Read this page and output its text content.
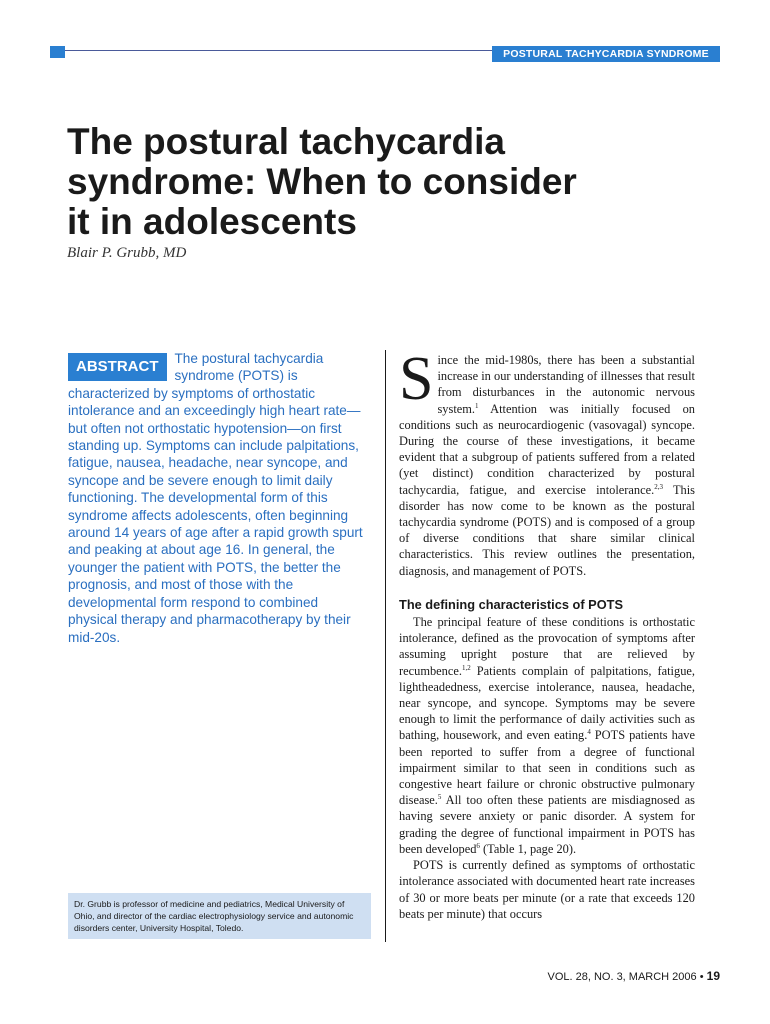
POSTURAL TACHYCARDIA SYNDROME
The postural tachycardia
syndrome: When to consider
it in adolescents
Blair P. Grubb, MD
ABSTRACT	The postural tachycardia syndrome (POTS) is characterized by symptoms of orthostatic intolerance and an exceedingly high heart rate—but often not orthostatic hypotension—on first standing up. Symptoms can include palpitations, fatigue, nausea, headache, near syncope, and syncope and be severe enough to limit daily functioning. The developmental form of this syndrome affects adolescents, often beginning around 14 years of age after a rapid growth spurt and peaking at about age 16. In general, the younger the patient with POTS, the better the prognosis, and most of those with the developmental form respond to combined physical therapy and pharmacotherapy by their mid-20s.
Dr. Grubb is professor of medicine and pediatrics, Medical University of Ohio, and director of the cardiac electrophysiology service and autonomic disorders center, University Hospital, Toledo.

Since the mid-1980s, there has been a substantial increase in our understanding of illnesses that result from disturbances in the autonomic nervous system.$^1$ Attention was initially focused on conditions such as neurocardiogenic (vasovagal) syncope. During the course of these investigations, it became evident that a subgroup of patients suffered from a related (yet distinct) condition characterized by postural tachycardia, fatigue, and exercise intolerance.$^{2,3}$ This disorder has now come to be known as the postural tachycardia syndrome (POTS) and is composed of a group of diverse conditions that share similar clinical characteristics. This review outlines the presentation, diagnosis, and management of POTS.

The defining characteristics of POTS

The principal feature of these conditions is orthostatic intolerance, defined as the provocation of symptoms after assuming upright posture that are relieved by recumbence.$^{1,2}$ Patients complain of palpitations, fatigue, lightheadedness, exercise intolerance, nausea, headache, near syncope, and syncope. Symptoms may be severe enough to limit the performance of daily activities such as bathing, housework, and even eating.$^4$ POTS patients have been reported to suffer from a degree of functional impairment similar to that seen in conditions such as congestive heart failure or chronic obstructive pulmonary disease.$^5$ All too often these patients are misdiagnosed as having severe anxiety or panic disorder. A system for grading the degree of functional impairment in POTS has been developed$^6$ (Table 1, page 20).

POTS is currently defined as symptoms of orthostatic intolerance associated with documented heart rate increases of 30 or more beats per minute (or a rate that exceeds 120 beats per minute) that occurs

VOL. 28, NO. 3, MARCH 2006 • 19
